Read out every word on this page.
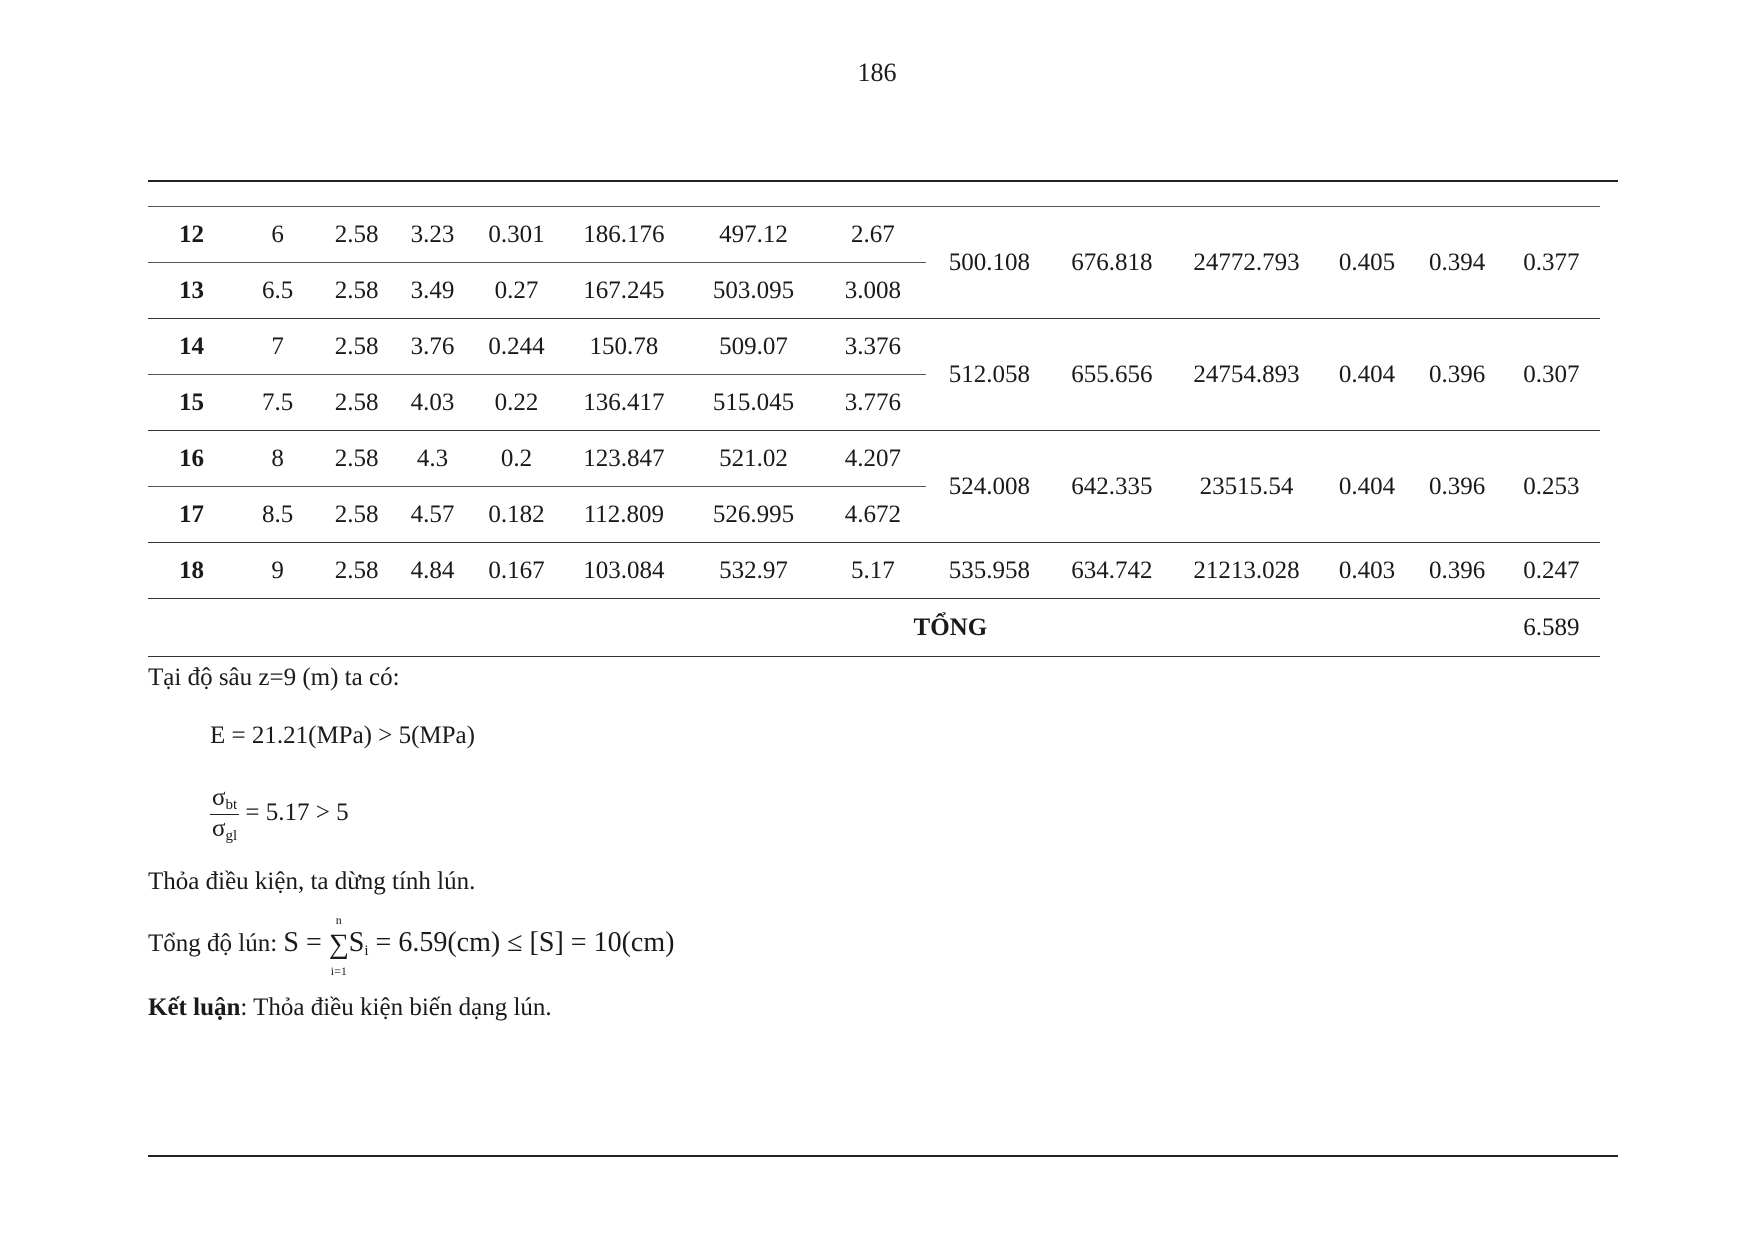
186
12	6	2.58	3.23	0.301	186.176	497.12	2.67	500.108	676.818	24772.793	0.405	0.394	0.377
13	6.5	2.58	3.49	0.27	167.245	503.095	3.008						
14	7	2.58	3.76	0.244	150.78	509.07	3.376	512.058	655.656	24754.893	0.404	0.396	0.307
15	7.5	2.58	4.03	0.22	136.417	515.045	3.776						
16	8	2.58	4.3	0.2	123.847	521.02	4.207	524.008	642.335	23515.54	0.404	0.396	0.253
17	8.5	2.58	4.57	0.182	112.809	526.995	4.672						
18	9	2.58	4.84	0.167	103.084	532.97	5.17	535.958	634.742	21213.028	0.403	0.396	0.247
TỔNG													6.589
Tại độ sâu z=9 (m) ta có:
E = 21.21(MPa) > 5(MPa)
$\frac{\sigma_{bt}}{\sigma_{gl}} = 5.17 > 5$
Thỏa điều kiện, ta dừng tính lún.
Tổng độ lún: S = ∑
n
i=1
$S_i = 6.59(cm) \le [S] = 10(cm)$
Kết luận: Thỏa điều kiện biến dạng lún.
